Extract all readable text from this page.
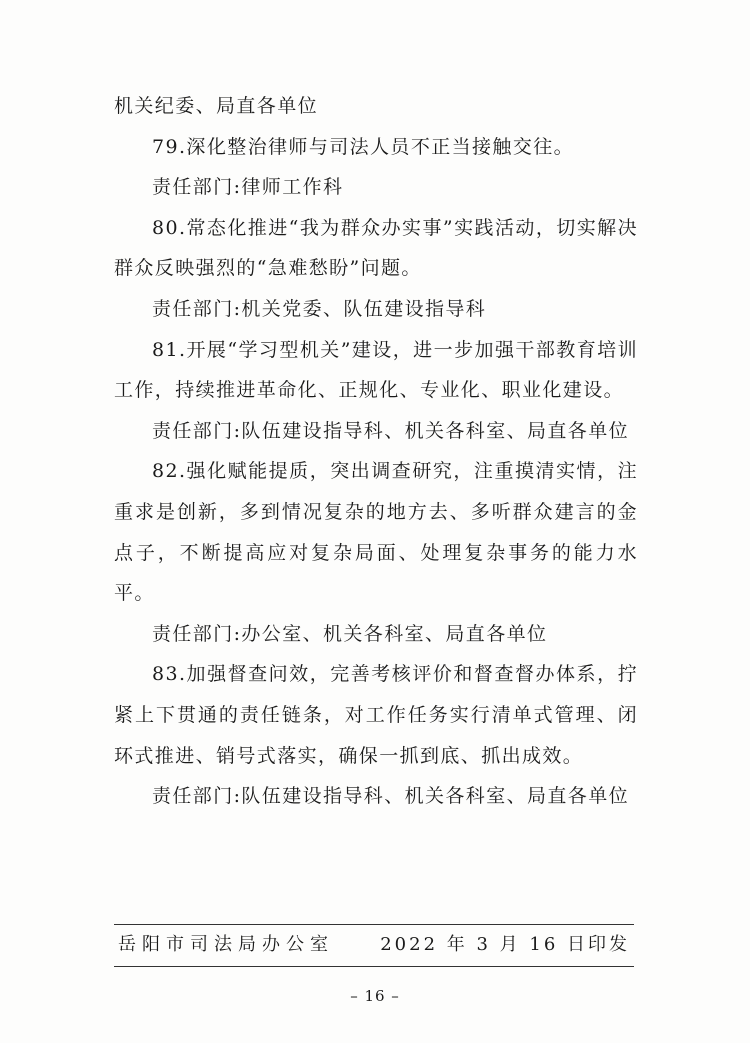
机关纪委、局直各单位

79.深化整治律师与司法人员不正当接触交往。

责任部门:律师工作科

80.常态化推进“我为群众办实事”实践活动，切实解决群众反映强烈的“急难愁盼”问题。

责任部门:机关党委、队伍建设指导科

81.开展“学习型机关”建设，进一步加强干部教育培训工作，持续推进革命化、正规化、专业化、职业化建设。

责任部门:队伍建设指导科、机关各科室、局直各单位

82.强化赋能提质，突出调查研究，注重摸清实情，注重求是创新，多到情况复杂的地方去、多听群众建言的金点子，不断提高应对复杂局面、处理复杂事务的能力水平。

责任部门:办公室、机关各科室、局直各单位

83.加强督查问效，完善考核评价和督查督办体系，拧紧上下贯通的责任链条，对工作任务实行清单式管理、闭环式推进、销号式落实，确保一抓到底、抓出成效。

责任部门:队伍建设指导科、机关各科室、局直各单位

岳阳市司法局办公室	2022 年 3 月 16 日印发
– 16 –
